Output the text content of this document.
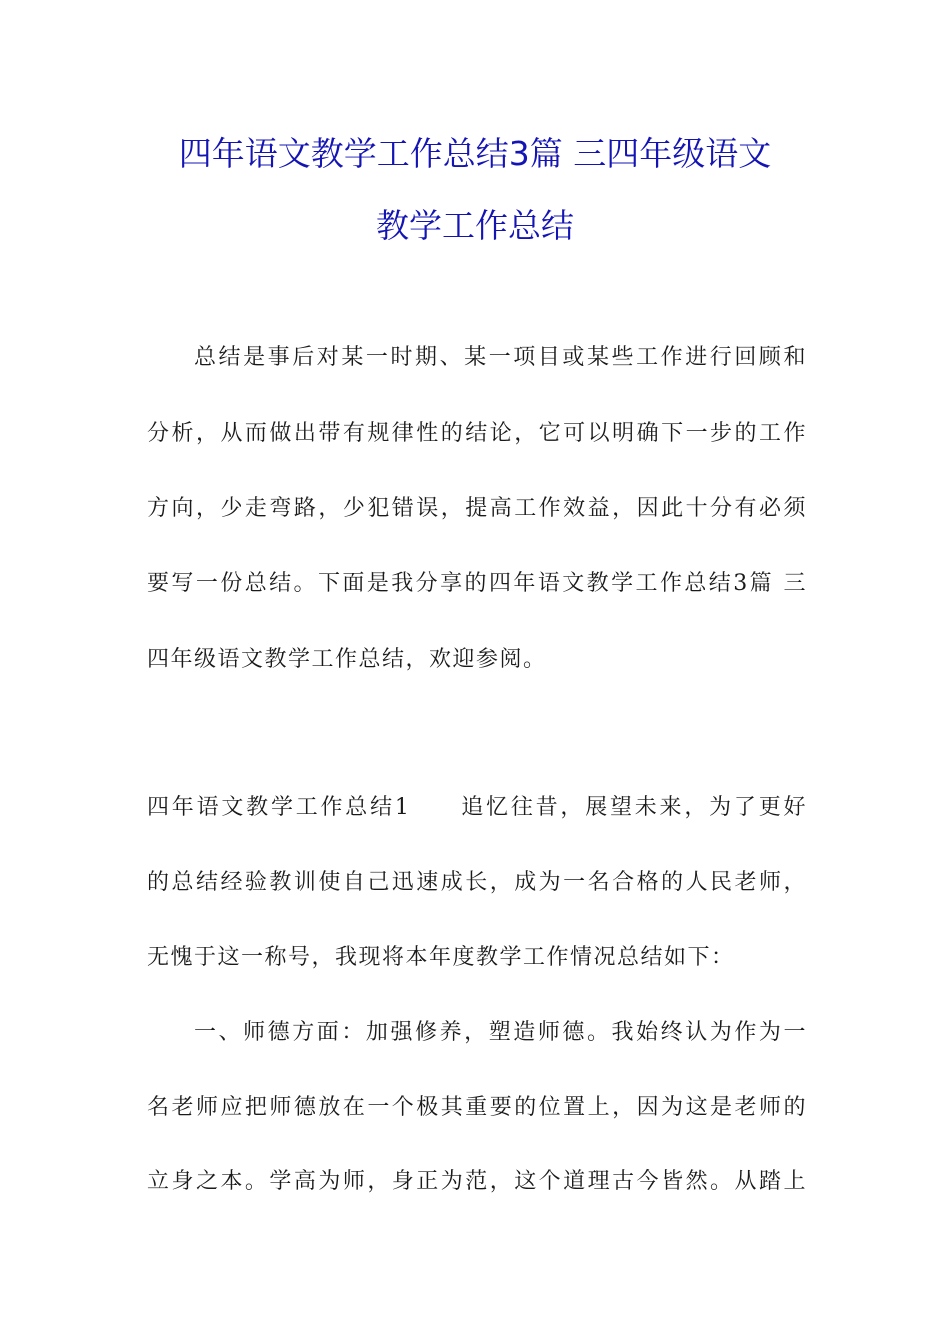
四年语文教学工作总结3篇 三四年级语文
教学工作总结
总结是事后对某一时期、某一项目或某些工作进行回顾和
分析，从而做出带有规律性的结论，它可以明确下一步的工作
方向，少走弯路，少犯错误，提高工作效益，因此十分有必须
要写一份总结。下面是我分享的四年语文教学工作总结3篇 三
四年级语文教学工作总结，欢迎参阅。
四年语文教学工作总结1　　追忆往昔，展望未来，为了更好
的总结经验教训使自己迅速成长，成为一名合格的人民老师，
无愧于这一称号，我现将本年度教学工作情况总结如下：
一、师德方面：加强修养，塑造师德。我始终认为作为一
名老师应把师德放在一个极其重要的位置上，因为这是老师的
立身之本。学高为师，身正为范，这个道理古今皆然。从踏上
